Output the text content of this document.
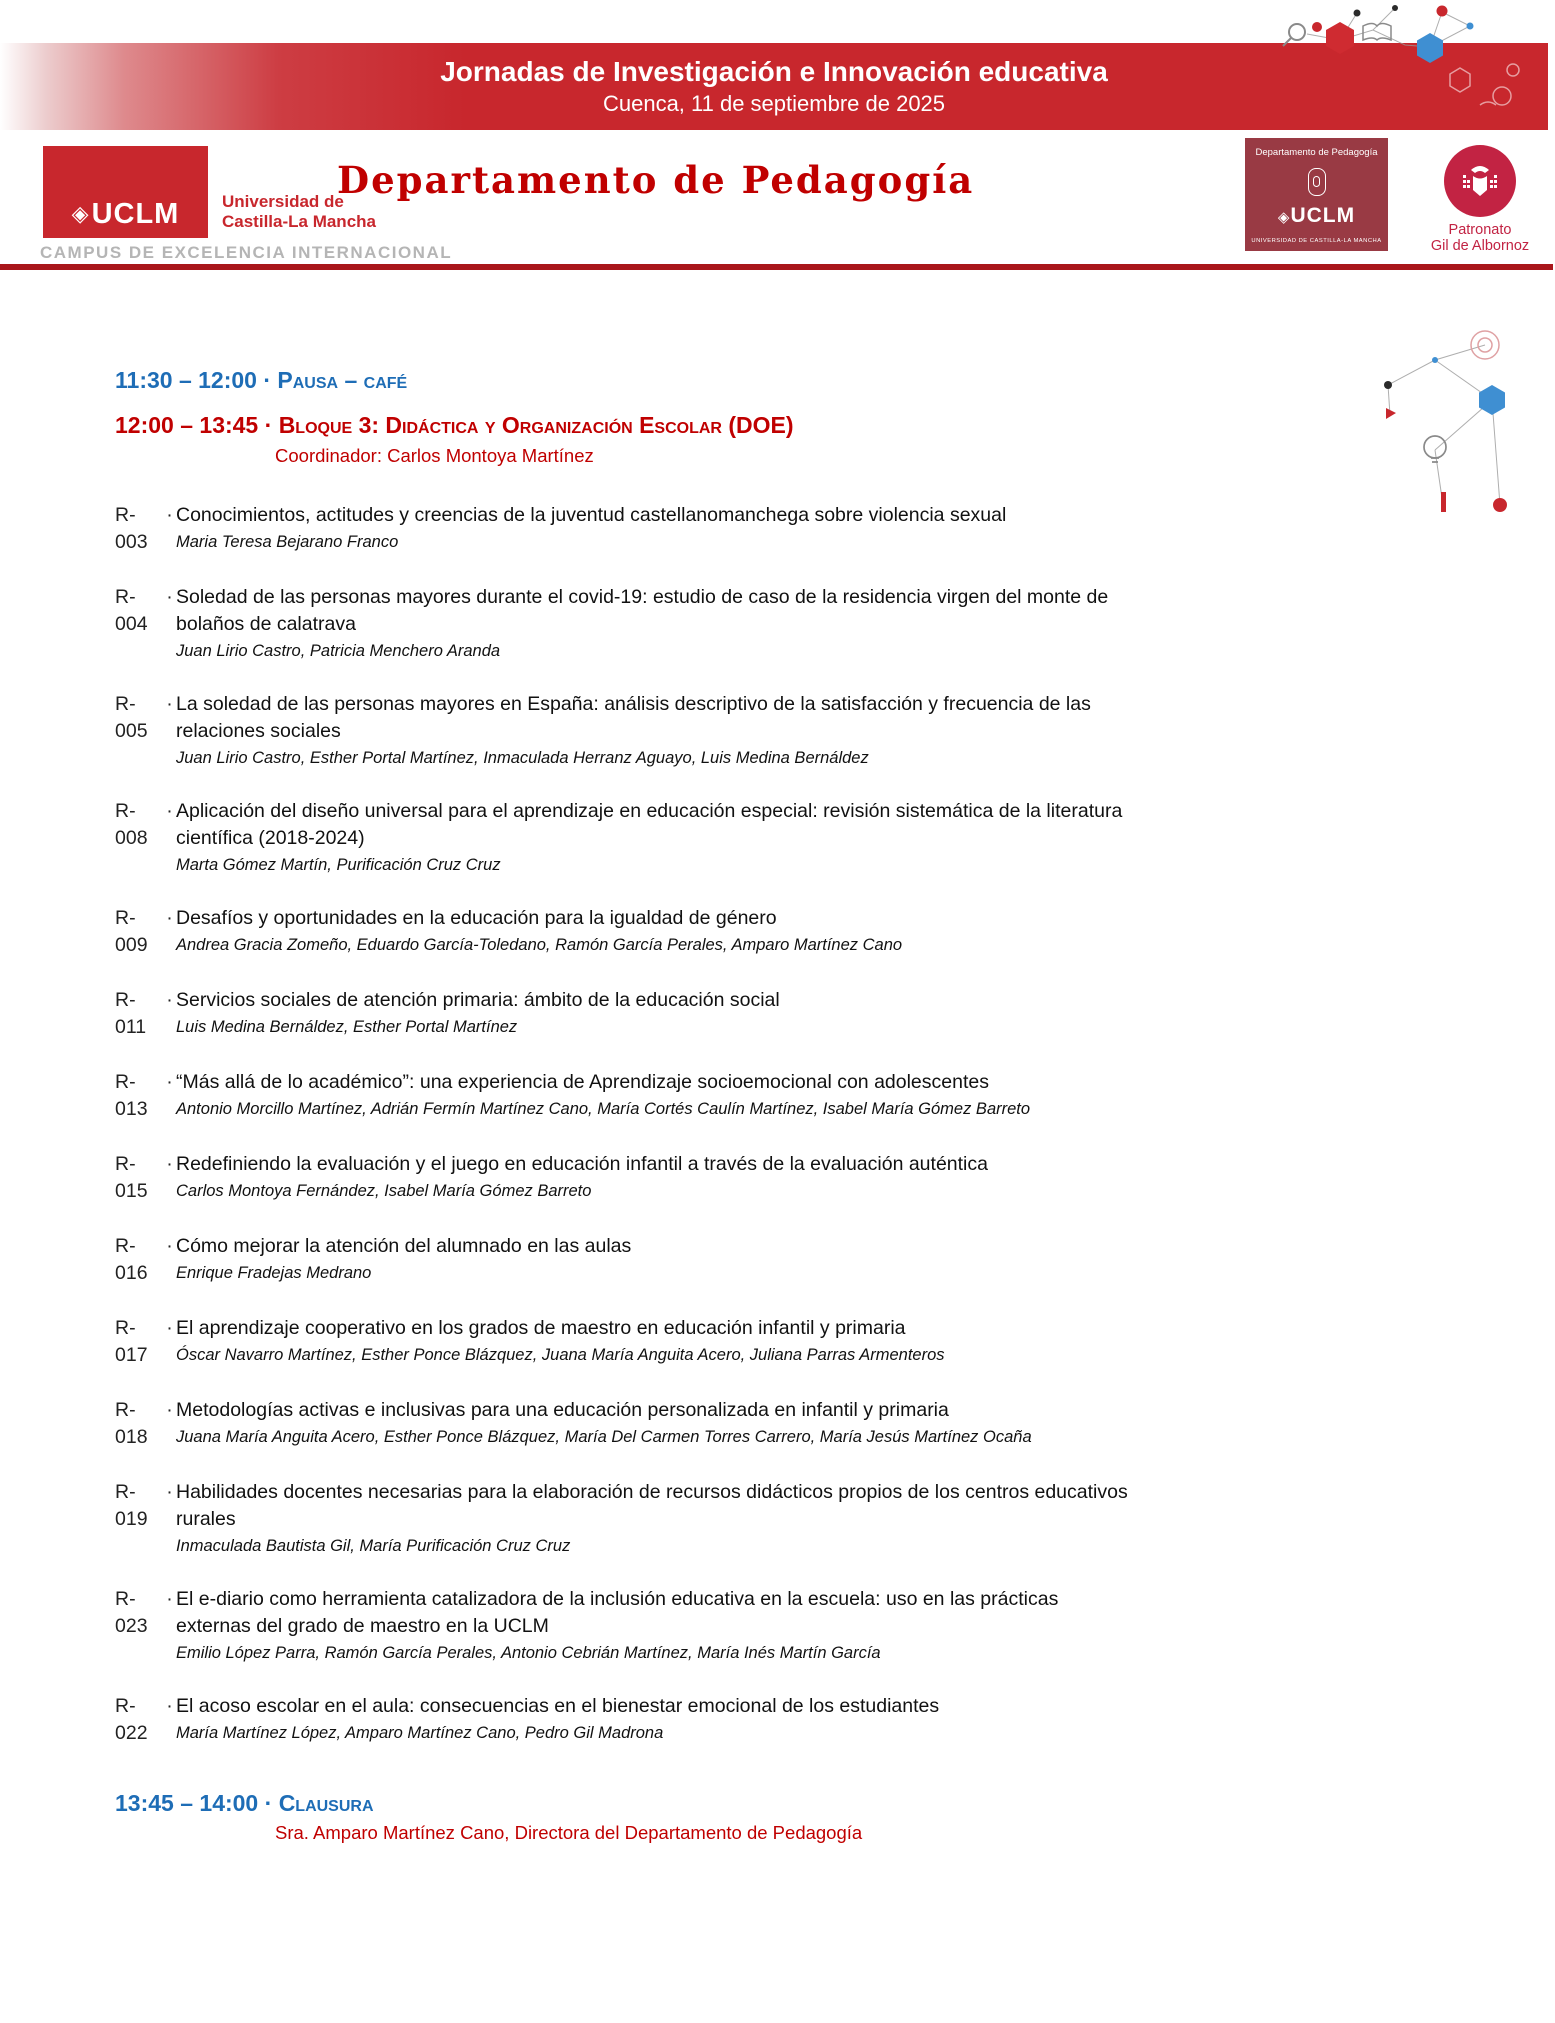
Jornadas de Investigación e Innovación educativa
Cuenca, 11 de septiembre de 2025
◈UCLM	Universidad de
Castilla-La Mancha
CAMPUS DE EXCELENCIA INTERNACIONAL
Departamento de Pedagogía
Departamento de Pedagogía
◈UCLM
UNIVERSIDAD DE CASTILLA-LA MANCHA
Patronato
Gil de Albornoz
11:30 – 12:00 · Pausa – café
12:00 – 13:45 · Bloque 3: Didáctica y Organización Escolar (DOE)
Coordinador: Carlos Montoya Martínez
R-003
· Conocimientos, actitudes y creencias de la juventud castellanomanchega sobre violencia sexual
Maria Teresa Bejarano Franco
R-004
· Soledad de las personas mayores durante el covid-19: estudio de caso de la residencia virgen del monte de bolaños de calatrava
Juan Lirio Castro, Patricia Menchero Aranda
R-005
· La soledad de las personas mayores en España: análisis descriptivo de la satisfacción y frecuencia de las relaciones sociales
Juan Lirio Castro, Esther Portal Martínez, Inmaculada Herranz Aguayo, Luis Medina Bernáldez
R-008
· Aplicación del diseño universal para el aprendizaje en educación especial: revisión sistemática de la literatura científica (2018-2024)
Marta Gómez Martín, Purificación Cruz Cruz
R-009
· Desafíos y oportunidades en la educación para la igualdad de género
Andrea Gracia Zomeño, Eduardo García-Toledano, Ramón García Perales, Amparo Martínez Cano
R-011
· Servicios sociales de atención primaria: ámbito de la educación social
Luis Medina Bernáldez, Esther Portal Martínez
R-013
· “Más allá de lo académico”: una experiencia de Aprendizaje socioemocional con adolescentes
Antonio Morcillo Martínez, Adrián Fermín Martínez Cano, María Cortés Caulín Martínez, Isabel María Gómez Barreto
R-015
· Redefiniendo la evaluación y el juego en educación infantil a través de la evaluación auténtica
Carlos Montoya Fernández, Isabel María Gómez Barreto
R-016
· Cómo mejorar la atención del alumnado en las aulas
Enrique Fradejas Medrano
R-017
· El aprendizaje cooperativo en los grados de maestro en educación infantil y primaria
Óscar Navarro Martínez, Esther Ponce Blázquez, Juana María Anguita Acero, Juliana Parras Armenteros
R-018
· Metodologías activas e inclusivas para una educación personalizada en infantil y primaria
Juana María Anguita Acero, Esther Ponce Blázquez, María Del Carmen Torres Carrero, María Jesús Martínez Ocaña
R-019
· Habilidades docentes necesarias para la elaboración de recursos didácticos propios de los centros educativos rurales
Inmaculada Bautista Gil, María Purificación Cruz Cruz
R-023
· El e-diario como herramienta catalizadora de la inclusión educativa en la escuela: uso en las prácticas externas del grado de maestro en la UCLM
Emilio López Parra, Ramón García Perales, Antonio Cebrián Martínez, María Inés Martín García
R-022
· El acoso escolar en el aula: consecuencias en el bienestar emocional de los estudiantes
María Martínez López, Amparo Martínez Cano, Pedro Gil Madrona
13:45 – 14:00 · Clausura
Sra. Amparo Martínez Cano, Directora del Departamento de Pedagogía
